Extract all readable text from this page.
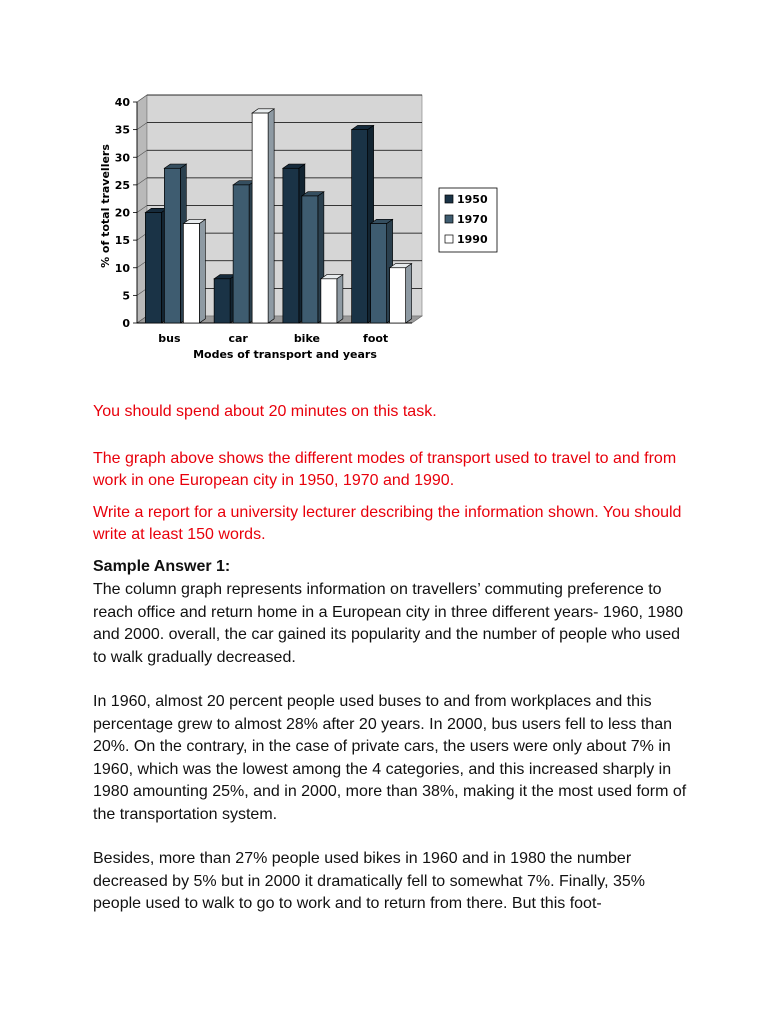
0
5
10
15
20
25
30
35
40
bus	car	bike	foot
Modes of transport and years
% of total travellers	1950
1970
1990

You should spend about 20 minutes on this task.

The graph above shows the different modes of transport used to travel to and from work in one European city in 1950, 1970 and 1990.

Write a report for a university lecturer describing the information shown. You should write at least 150 words.

Sample Answer 1:

The column graph represents information on travellers’ commuting preference to reach office and return home in a European city in three different years- 1960, 1980 and 2000. overall, the car gained its popularity and the number of people who used to walk gradually decreased.

In 1960, almost 20 percent people used buses to and from workplaces and this percentage grew to almost 28% after 20 years. In 2000, bus users fell to less than 20%. On the contrary, in the case of private cars, the users were only about 7% in 1960, which was the lowest among the 4 categories, and this increased sharply in 1980 amounting 25%, and in 2000, more than 38%, making it the most used form of the transportation system.

Besides, more than 27% people used bikes in 1960 and in 1980 the number decreased by 5% but in 2000 it dramatically fell to somewhat 7%. Finally, 35% people used to walk to go to work and to return from there. But this foot-
